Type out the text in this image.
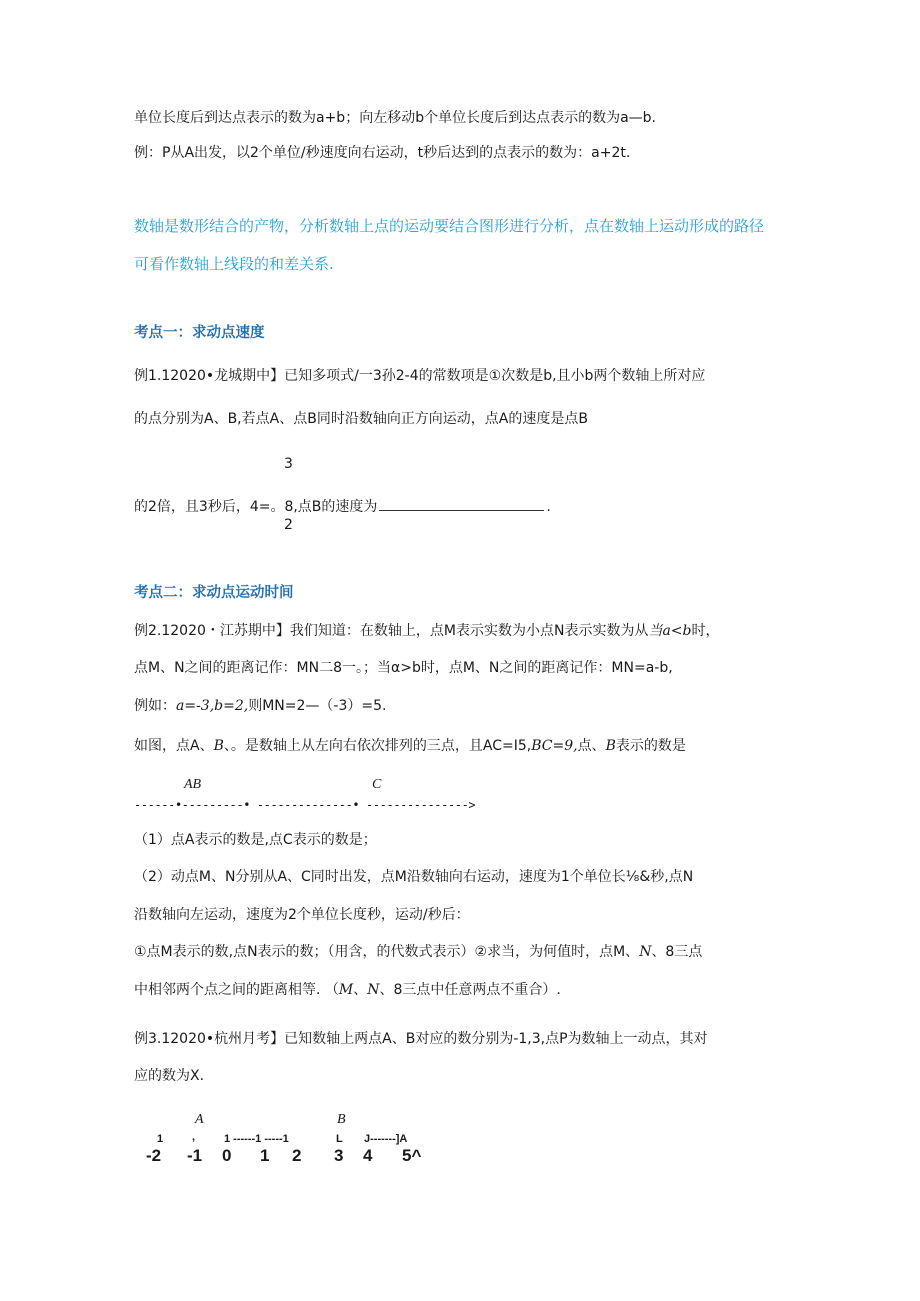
单位长度后到达点表示的数为a+b；向左移动b个单位长度后到达点表示的数为a—b.
例：P从A出发，以2个单位/秒速度向右运动，t秒后达到的点表示的数为：a+2t.
数轴是数形结合的产物，分析数轴上点的运动要结合图形进行分析，点在数轴上运动形成的路径
可看作数轴上线段的和差关系.
考点一：求动点速度
例1.12020•龙城期中】已知多项式/一3孙2-4的常数项是①次数是b,且小b两个数轴上所对应
的点分别为A、B,若点A、点B同时沿数轴向正方向运动，点A的速度是点B
3
的2倍，且3秒后，4=。8,点B的速度为	.
2
考点二：求动点运动时间
例2.12020・江苏期中】我们知道：在数轴上，点M表示实数为小点N表示实数为从当a<b时，
点M、N之间的距离记作：MN二8一。；当α>b时，点M、N之间的距离记作：MN=a-b,
例如：a=-3,b=2,则MN=2—（-3）=5.
如图，点A、B、。是数轴上从左向右依次排列的三点，且AC=I5,BC=9,点、B表示的数是
AB	C
------•---------• --------------• --------------->
（1）点A表示的数是,点C表示的数是；
（2）动点M、N分别从A、C同时出发，点M沿数轴向右运动，速度为1个单位长⅛&秒,点N
沿数轴向左运动，速度为2个单位长度秒，运动/秒后：
①点M表示的数,点N表示的数；（用含，的代数式表示）②求当，为何值时，点M、N、8三点
中相邻两个点之间的距离相等. （M、N、8三点中任意两点不重合）.
例3.12020•杭州月考】已知数轴上两点A、B对应的数分别为-1,3,点P为数轴上一动点，其对
应的数为X.
A	B
1	,	1 ------1 -----1	L J-------]A
-2 -1 0 1 2 3 4 5^
